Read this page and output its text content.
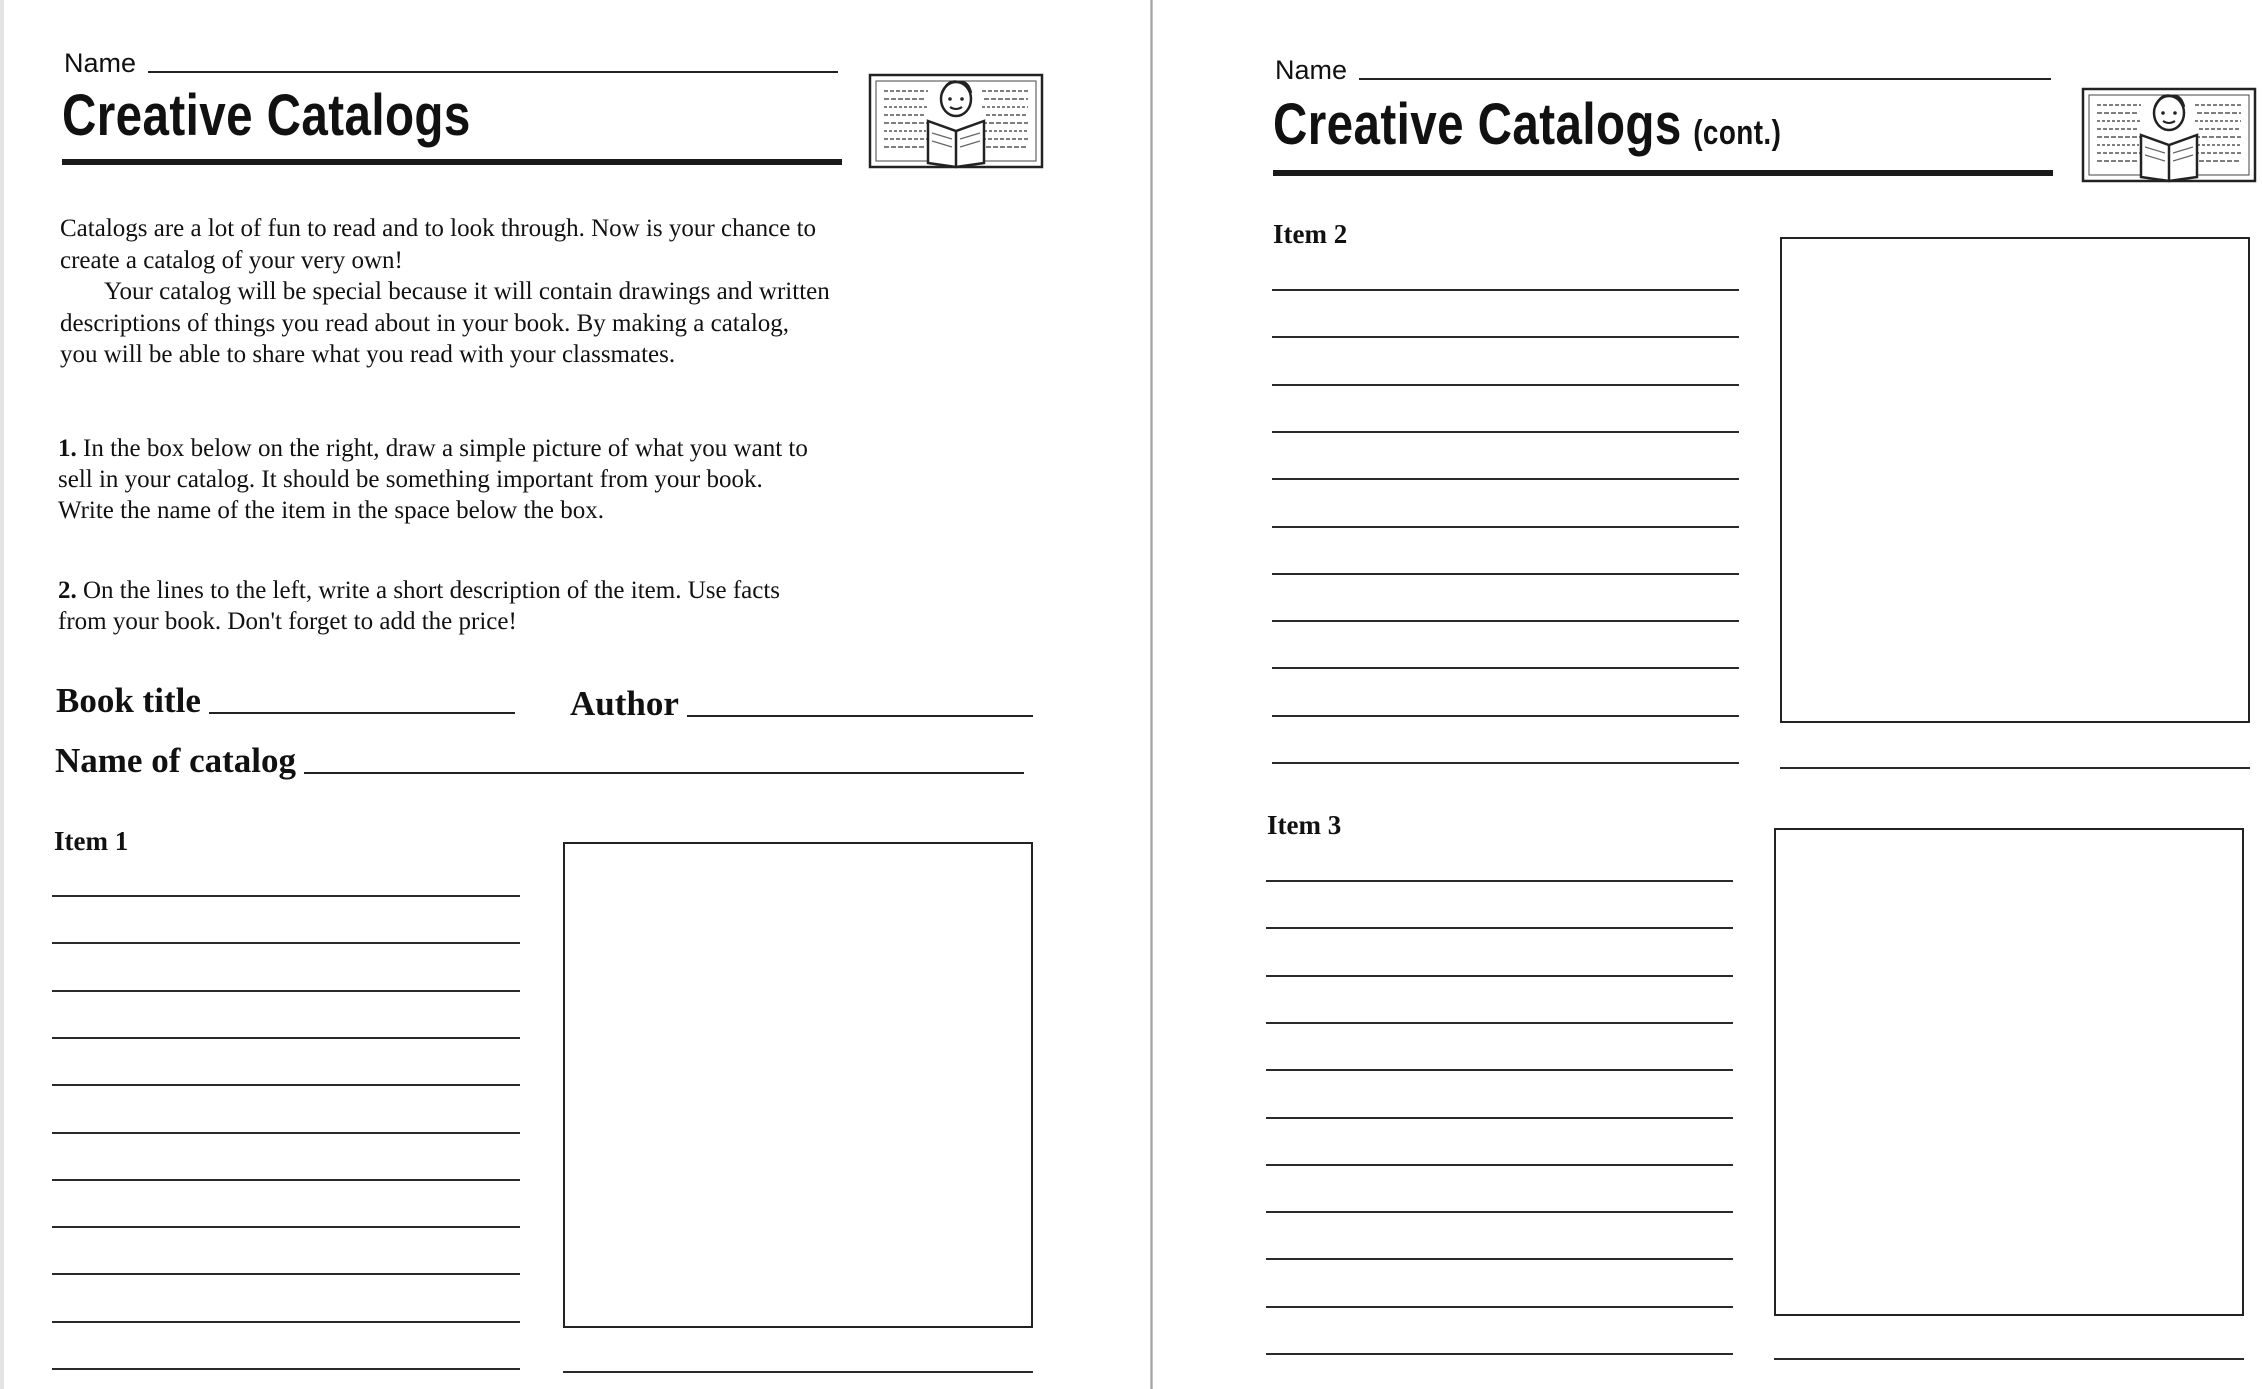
Name
Creative Catalogs

Catalogs are a lot of fun to read and to look through. Now is your chance to create a catalog of your very own!

Your catalog will be special because it will contain drawings and written descriptions of things you read about in your book. By making a catalog, you will be able to share what you read with your classmates.

1. In the box below on the right, draw a simple picture of what you want to sell in your catalog. It should be something important from your book. Write the name of the item in the space below the box.
2. On the lines to the left, write a short description of the item. Use facts from your book. Don't forget to add the price!
Book title	Author
Name of catalog
Item 1
Name
Creative Catalogs (cont.)
Item 2
Item 3
